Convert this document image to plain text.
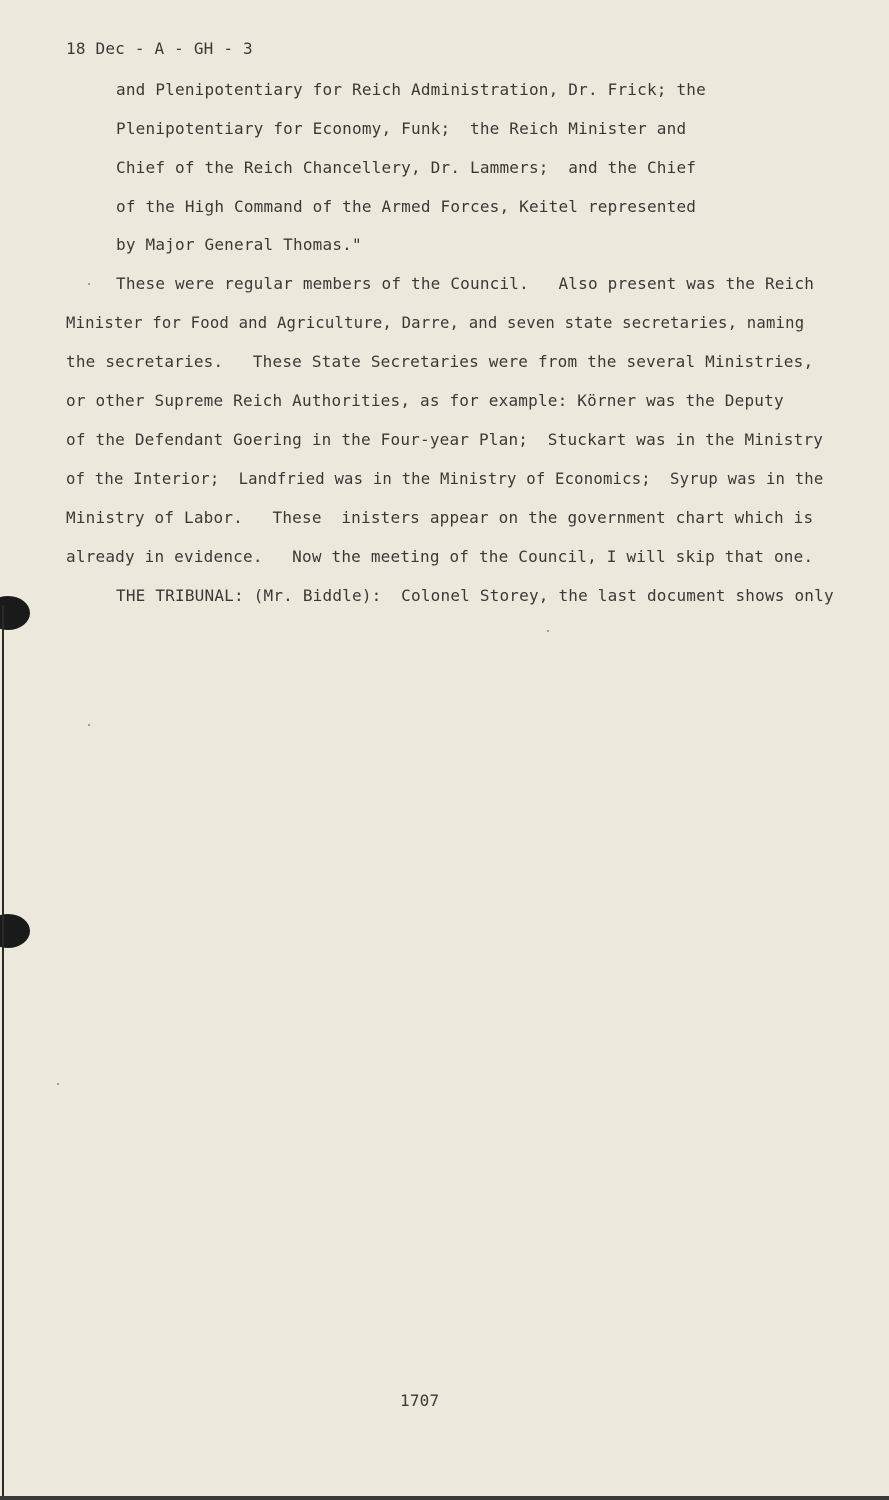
18 Dec - A - GH - 3
and Plenipotentiary for Reich Administration, Dr. Frick; the
Plenipotentiary for Economy, Funk;  the Reich Minister and
Chief of the Reich Chancellery, Dr. Lammers;  and the Chief
of the High Command of the Armed Forces, Keitel represented
by Major General Thomas."
These were regular members of the Council.   Also present was the Reich
Minister for Food and Agriculture, Darre, and seven state secretaries, naming
the secretaries.   These State Secretaries were from the several Ministries,
or other Supreme Reich Authorities, as for example: Körner was the Deputy
of the Defendant Goering in the Four-year Plan;  Stuckart was in the Ministry
of the Interior;  Landfried was in the Ministry of Economics;  Syrup was in the
Ministry of Labor.   These  inisters appear on the government chart which is
already in evidence.   Now the meeting of the Council, I will skip that one.
THE TRIBUNAL: (Mr. Biddle):  Colonel Storey, the last document shows only
1707
